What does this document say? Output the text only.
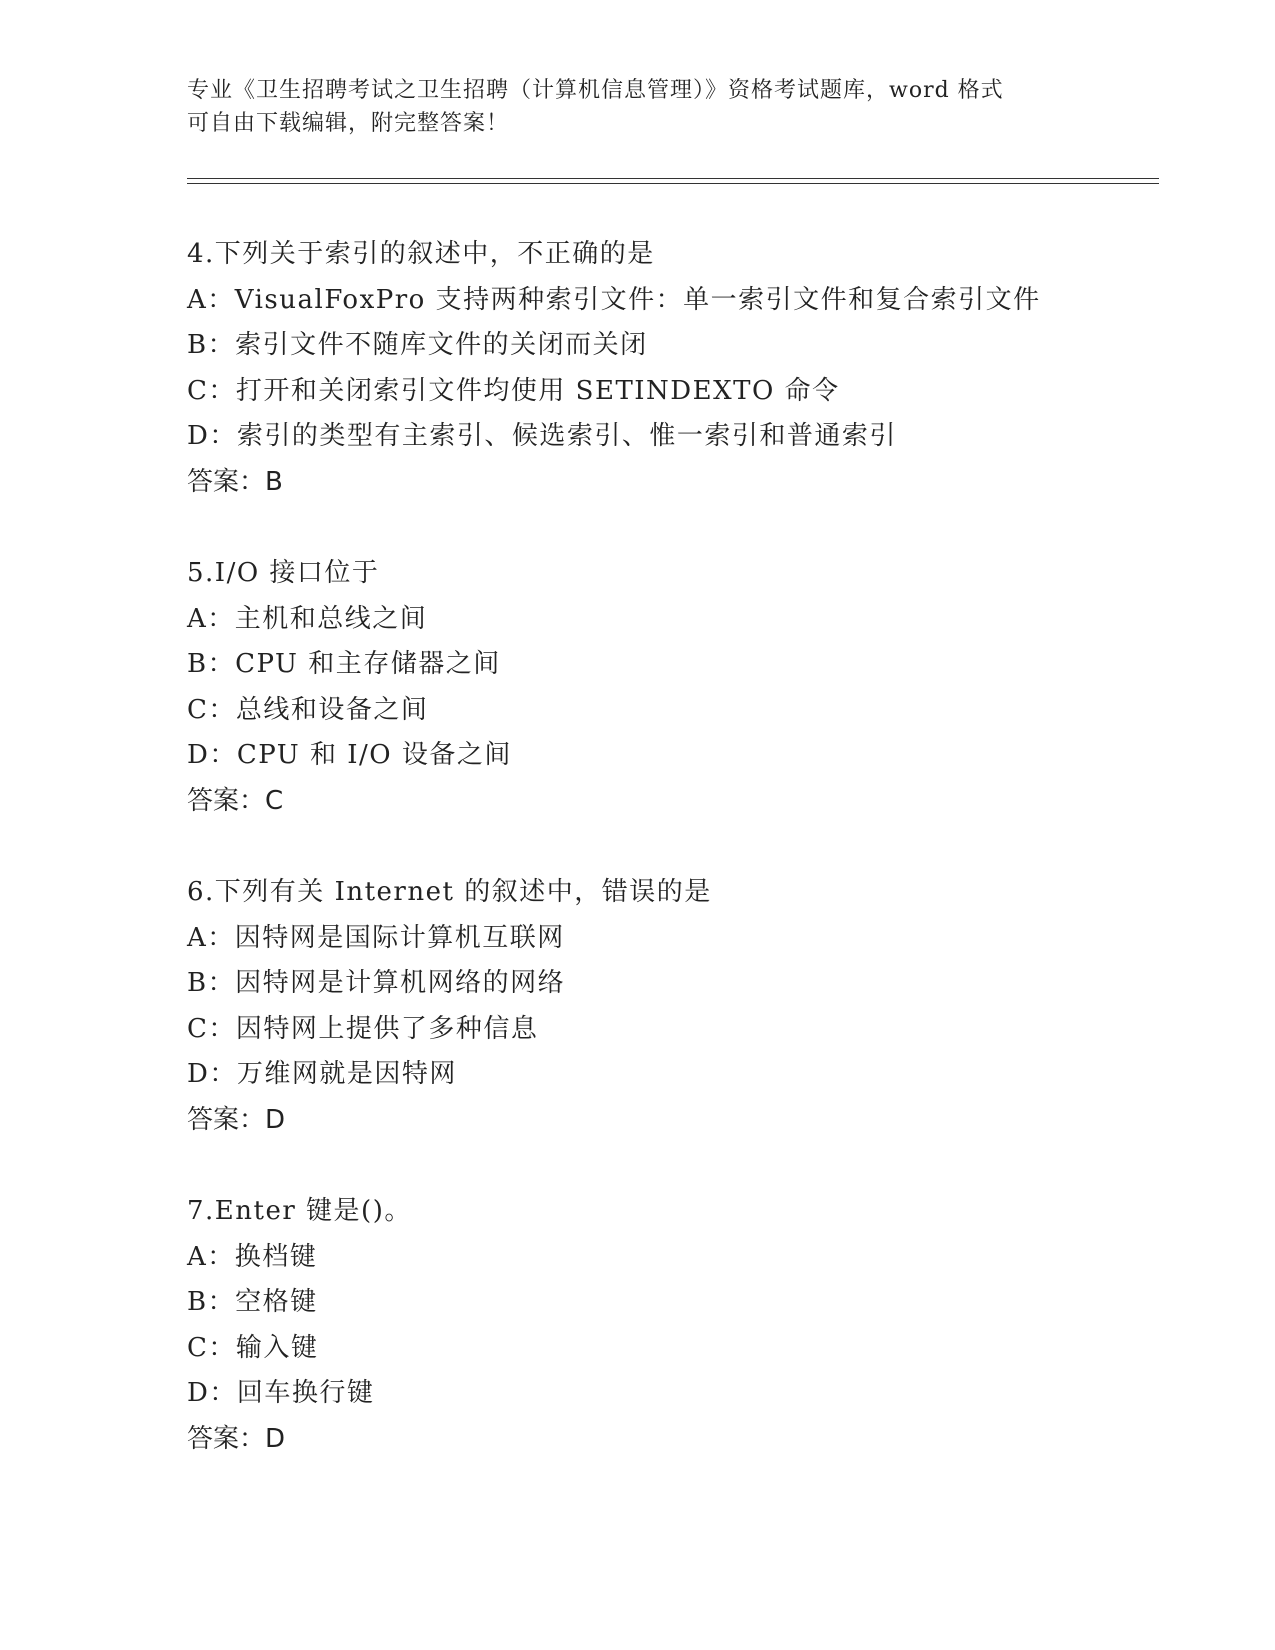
专业《卫生招聘考试之卫生招聘（计算机信息管理）》资格考试题库，word 格式
可自由下载编辑，附完整答案！
4.下列关于索引的叙述中，不正确的是
A：VisualFoxPro 支持两种索引文件：单一索引文件和复合索引文件
B：索引文件不随库文件的关闭而关闭
C：打开和关闭索引文件均使用 SETINDEXTO 命令
D：索引的类型有主索引、候选索引、惟一索引和普通索引
答案：B
5.I/O 接口位于
A：主机和总线之间
B：CPU 和主存储器之间
C：总线和设备之间
D：CPU 和 I/O 设备之间
答案：C
6.下列有关 Internet 的叙述中，错误的是
A：因特网是国际计算机互联网
B：因特网是计算机网络的网络
C：因特网上提供了多种信息
D：万维网就是因特网
答案：D
7.Enter 键是()。
A：换档键
B：空格键
C：输入键
D：回车换行键
答案：D
